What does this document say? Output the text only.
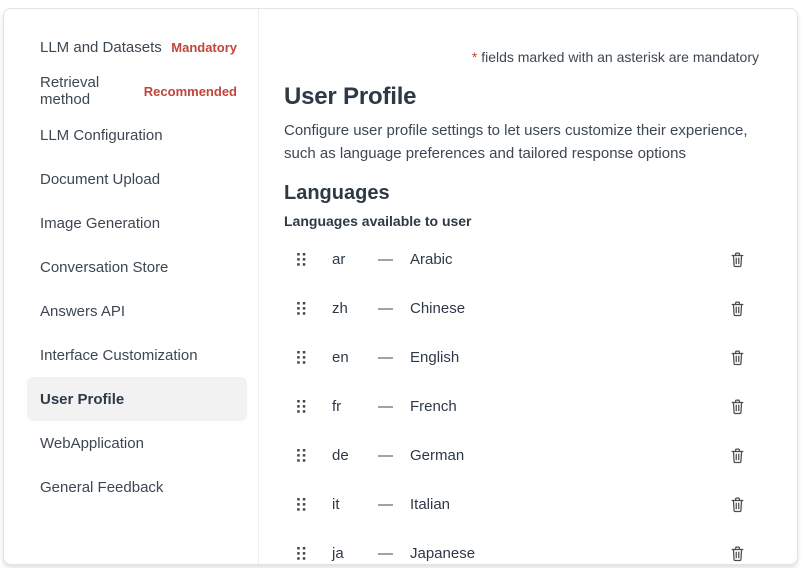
LLM and Datasets Mandatory
Retrieval method	Recommended
LLM Configuration
Document Upload
Image Generation
Conversation Store
Answers API
Interface Customization
User Profile
WebApplication
General Feedback
* fields marked with an asterisk are mandatory
User Profile

Configure user profile settings to let users customize their experience, such as language preferences and tailored response options

Languages
Languages available to user
ar	—	Arabic
zh	—	Chinese
en	—	English
fr	—	French
de	—	German
it	—	Italian
ja	—	Japanese
